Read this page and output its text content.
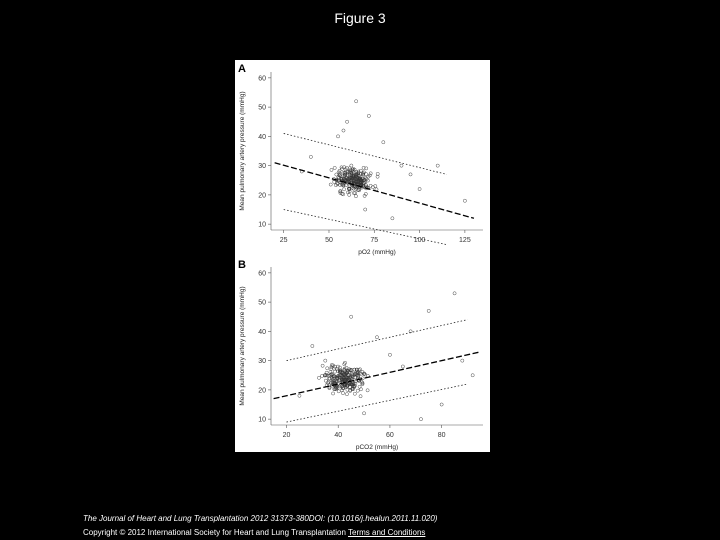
Figure 3
A
10
20
30
40
50
60
25	50	75	100	125
pO2 (mmHg)
Mean pulmonary artery pressure (mmHg)
B
10
20
30
40
50
60
20	40	60	80
pCO2 (mmHg)
Mean pulmonary artery pressure (mmHg)
The Journal of Heart and Lung Transplantation 2012 31373-380DOI: (10.1016/j.healun.2011.11.020)
Copyright © 2012 International Society for Heart and Lung Transplantation Terms and Conditions
